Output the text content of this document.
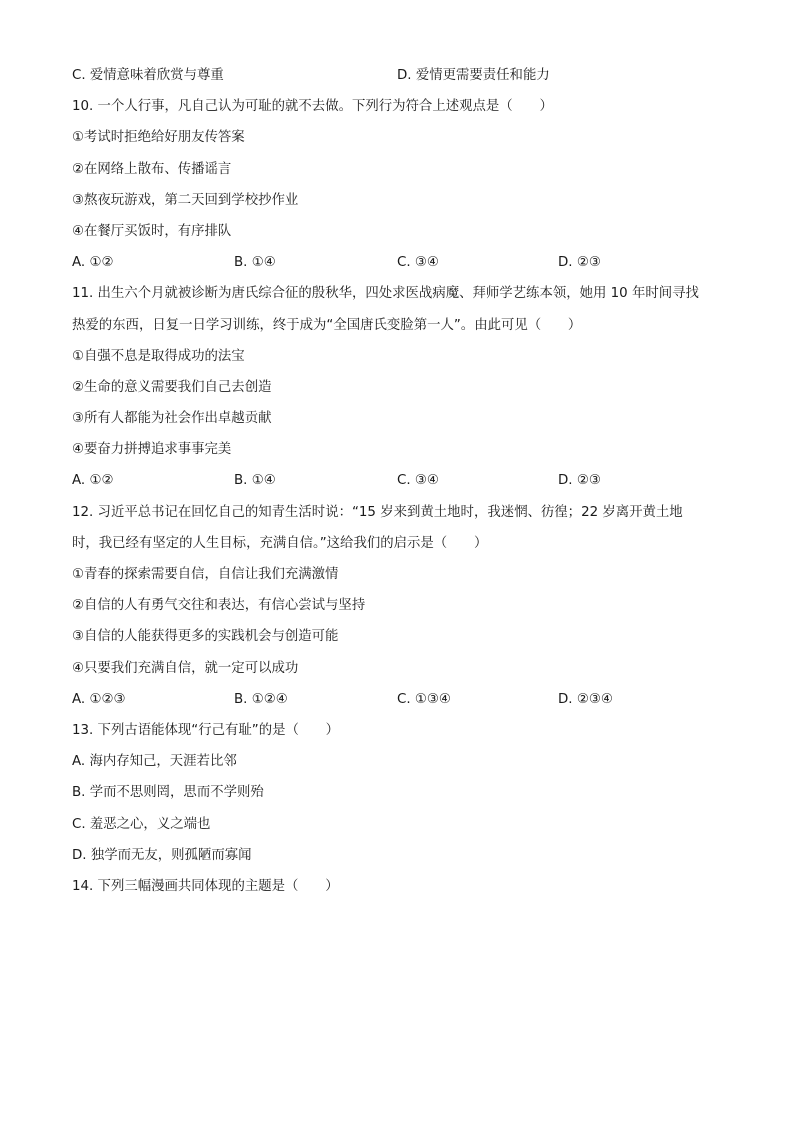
C. 爱情意味着欣赏与尊重	D. 爱情更需要责任和能力
10. 一个人行事，凡自己认为可耻的就不去做。下列行为符合上述观点是（　　）
①考试时拒绝给好朋友传答案
②在网络上散布、传播谣言
③熬夜玩游戏，第二天回到学校抄作业
④在餐厅买饭时，有序排队
A. ①②	B. ①④	C. ③④	D. ②③
11. 出生六个月就被诊断为唐氏综合征的殷秋华，四处求医战病魔、拜师学艺练本领，她用 10 年时间寻找
热爱的东西，日复一日学习训练，终于成为“全国唐氏变脸第一人”。由此可见（　　）
①自强不息是取得成功的法宝
②生命的意义需要我们自己去创造
③所有人都能为社会作出卓越贡献
④要奋力拼搏追求事事完美
A. ①②	B. ①④	C. ③④	D. ②③
12. 习近平总书记在回忆自己的知青生活时说：“15 岁来到黄土地时，我迷惘、彷徨；22 岁离开黄土地
时，我已经有坚定的人生目标，充满自信。”这给我们的启示是（　　）
①青春的探索需要自信，自信让我们充满激情
②自信的人有勇气交往和表达，有信心尝试与坚持
③自信的人能获得更多的实践机会与创造可能
④只要我们充满自信，就一定可以成功
A. ①②③	B. ①②④	C. ①③④	D. ②③④
13. 下列古语能体现“行己有耻”的是（　　）
A. 海内存知己，天涯若比邻
B. 学而不思则罔，思而不学则殆
C. 羞恶之心，义之端也
D. 独学而无友，则孤陋而寡闻
14. 下列三幅漫画共同体现的主题是（　　）
